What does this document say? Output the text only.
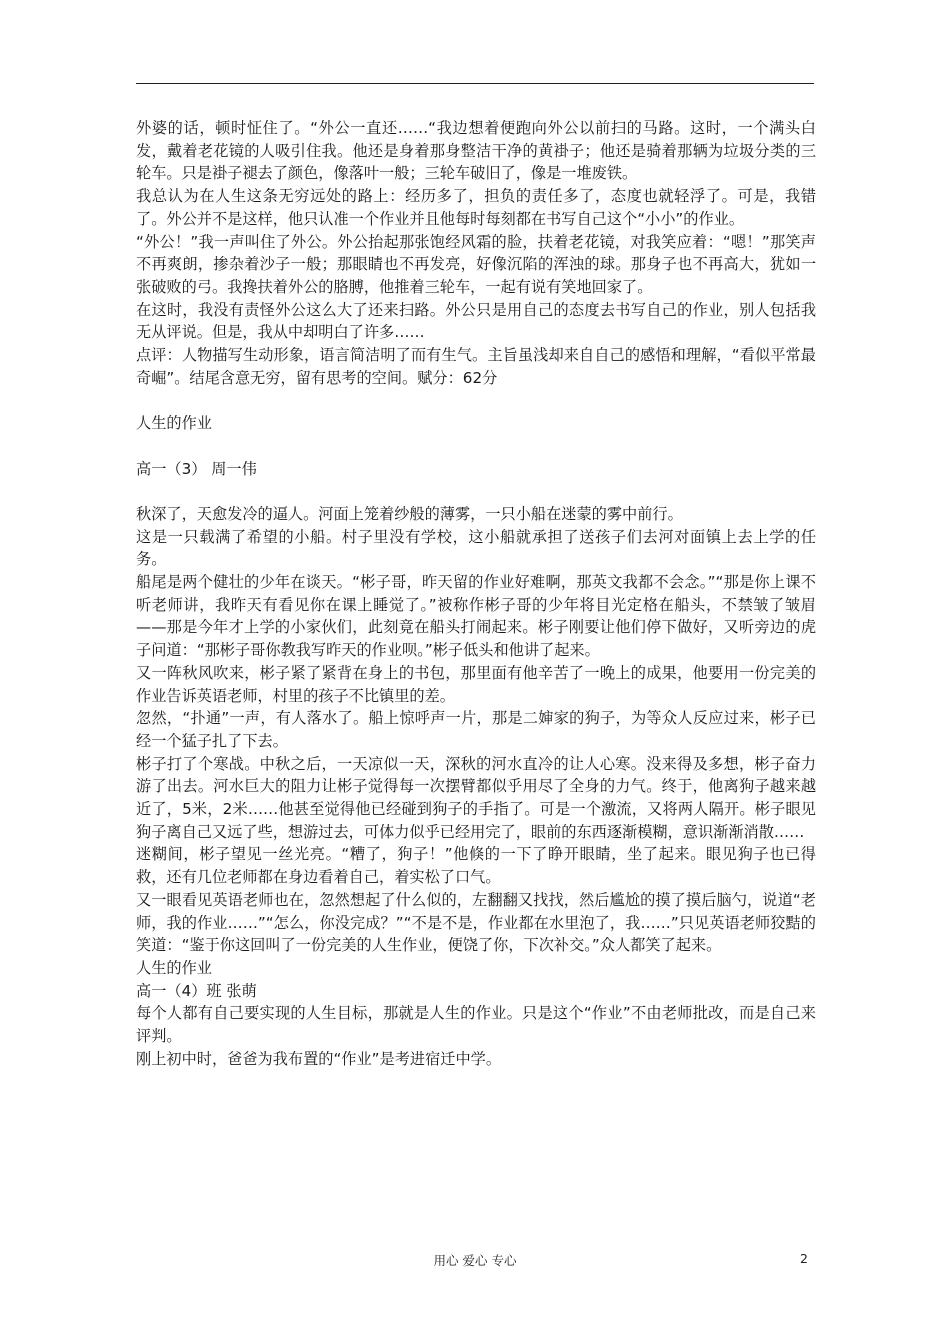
外婆的话，顿时怔住了。“外公一直还……“我边想着便跑向外公以前扫的马路。这时，一个满头白发，戴着老花镜的人吸引住我。他还是身着那身整洁干净的黄褂子；他还是骑着那辆为垃圾分类的三轮车。只是褂子褪去了颜色，像落叶一般；三轮车破旧了，像是一堆废铁。

我总认为在人生这条无穷远处的路上：经历多了，担负的责任多了，态度也就轻浮了。可是，我错了。外公并不是这样，他只认准一个作业并且他每时每刻都在书写自己这个“小小”的作业。

“外公！”我一声叫住了外公。外公抬起那张饱经风霜的脸，扶着老花镜，对我笑应着：“嗯！”那笑声不再爽朗，掺杂着沙子一般；那眼睛也不再发亮，好像沉陷的浑浊的球。那身子也不再高大，犹如一张破败的弓。我搀扶着外公的胳膊，他推着三轮车，一起有说有笑地回家了。

在这时，我没有责怪外公这么大了还来扫路。外公只是用自己的态度去书写自己的作业，别人包括我无从评说。但是，我从中却明白了许多……

点评：人物描写生动形象，语言简洁明了而有生气。主旨虽浅却来自自己的感悟和理解，“看似平常最奇崛”。结尾含意无穷，留有思考的空间。赋分：62分

人生的作业

高一（3） 周一伟

秋深了，天愈发冷的逼人。河面上笼着纱般的薄雾，一只小船在迷蒙的雾中前行。

这是一只载满了希望的小船。村子里没有学校，这小船就承担了送孩子们去河对面镇上去上学的任务。

船尾是两个健壮的少年在谈天。“彬子哥，昨天留的作业好难啊，那英文我都不会念。”“那是你上课不听老师讲，我昨天有看见你在课上睡觉了。”被称作彬子哥的少年将目光定格在船头，不禁皱了皱眉——那是今年才上学的小家伙们，此刻竟在船头打闹起来。彬子刚要让他们停下做好，又听旁边的虎子问道：“那彬子哥你教我写昨天的作业呗。”彬子低头和他讲了起来。

又一阵秋风吹来，彬子紧了紧背在身上的书包，那里面有他辛苦了一晚上的成果，他要用一份完美的作业告诉英语老师，村里的孩子不比镇里的差。

忽然，“扑通”一声，有人落水了。船上惊呼声一片，那是二婶家的狗子，为等众人反应过来，彬子已经一个猛子扎了下去。

彬子打了个寒战。中秋之后，一天凉似一天，深秋的河水直冷的让人心寒。没来得及多想，彬子奋力游了出去。河水巨大的阻力让彬子觉得每一次摆臂都似乎用尽了全身的力气。终于，他离狗子越来越近了，5米，2米……他甚至觉得他已经碰到狗子的手指了。可是一个激流，又将两人隔开。彬子眼见狗子离自己又远了些，想游过去，可体力似乎已经用完了，眼前的东西逐渐模糊，意识渐渐消散……

迷糊间，彬子望见一丝光亮。“糟了，狗子！”他倏的一下了睁开眼睛，坐了起来。眼见狗子也已得救，还有几位老师都在身边看着自己，着实松了口气。

又一眼看见英语老师也在，忽然想起了什么似的，左翻翻又找找，然后尴尬的摸了摸后脑勺，说道“老师，我的作业……”“怎么，你没完成？”“不是不是，作业都在水里泡了，我……”只见英语老师狡黠的笑道：“鉴于你这回叫了一份完美的人生作业，便饶了你，下次补交。”众人都笑了起来。

人生的作业

高一（4）班 张萌

每个人都有自己要实现的人生目标，那就是人生的作业。只是这个“作业”不由老师批改，而是自己来评判。

刚上初中时，爸爸为我布置的“作业”是考进宿迁中学。

用心 爱心 专心	2
